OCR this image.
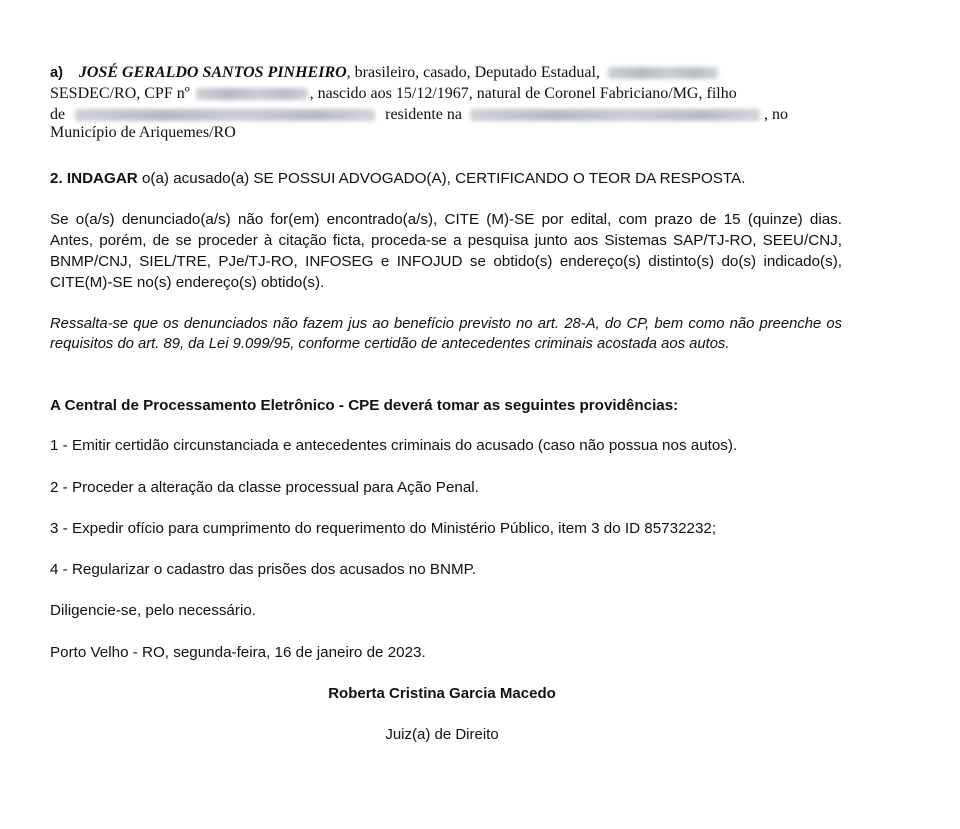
a) JOSÉ GERALDO SANTOS PINHEIRO, brasileiro, casado, Deputado Estadual,
SESDEC/RO, CPF nº	, nascido aos 15/12/1967, natural de Coronel Fabriciano/MG, filho
de	residente na	, no
Município de Ariquemes/RO
2. INDAGAR o(a) acusado(a) SE POSSUI ADVOGADO(A), CERTIFICANDO O TEOR DA RESPOSTA.
Se o(a/s) denunciado(a/s) não for(em) encontrado(a/s), CITE (M)-SE por edital, com prazo de 15 (quinze) dias. Antes, porém, de se proceder à citação ficta, proceda-se a pesquisa junto aos Sistemas SAP/TJ-RO, SEEU/CNJ, BNMP/CNJ, SIEL/TRE, PJe/TJ-RO, INFOSEG e INFOJUD se obtido(s) endereço(s) distinto(s) do(s) indicado(s), CITE(M)-SE no(s) endereço(s) obtido(s).
Ressalta-se que os denunciados não fazem jus ao benefício previsto no art. 28-A, do CP, bem como não preenche os requisitos do art. 89, da Lei 9.099/95, conforme certidão de antecedentes criminais acostada aos autos.
A Central de Processamento Eletrônico - CPE deverá tomar as seguintes providências:
1 - Emitir certidão circunstanciada e antecedentes criminais do acusado (caso não possua nos autos).
2 - Proceder a alteração da classe processual para Ação Penal.
3 - Expedir ofício para cumprimento do requerimento do Ministério Público, item 3 do ID 85732232;
4 - Regularizar o cadastro das prisões dos acusados no BNMP.
Diligencie-se, pelo necessário.
Porto Velho - RO, segunda-feira, 16 de janeiro de 2023.
Roberta Cristina Garcia Macedo
Juiz(a) de Direito
